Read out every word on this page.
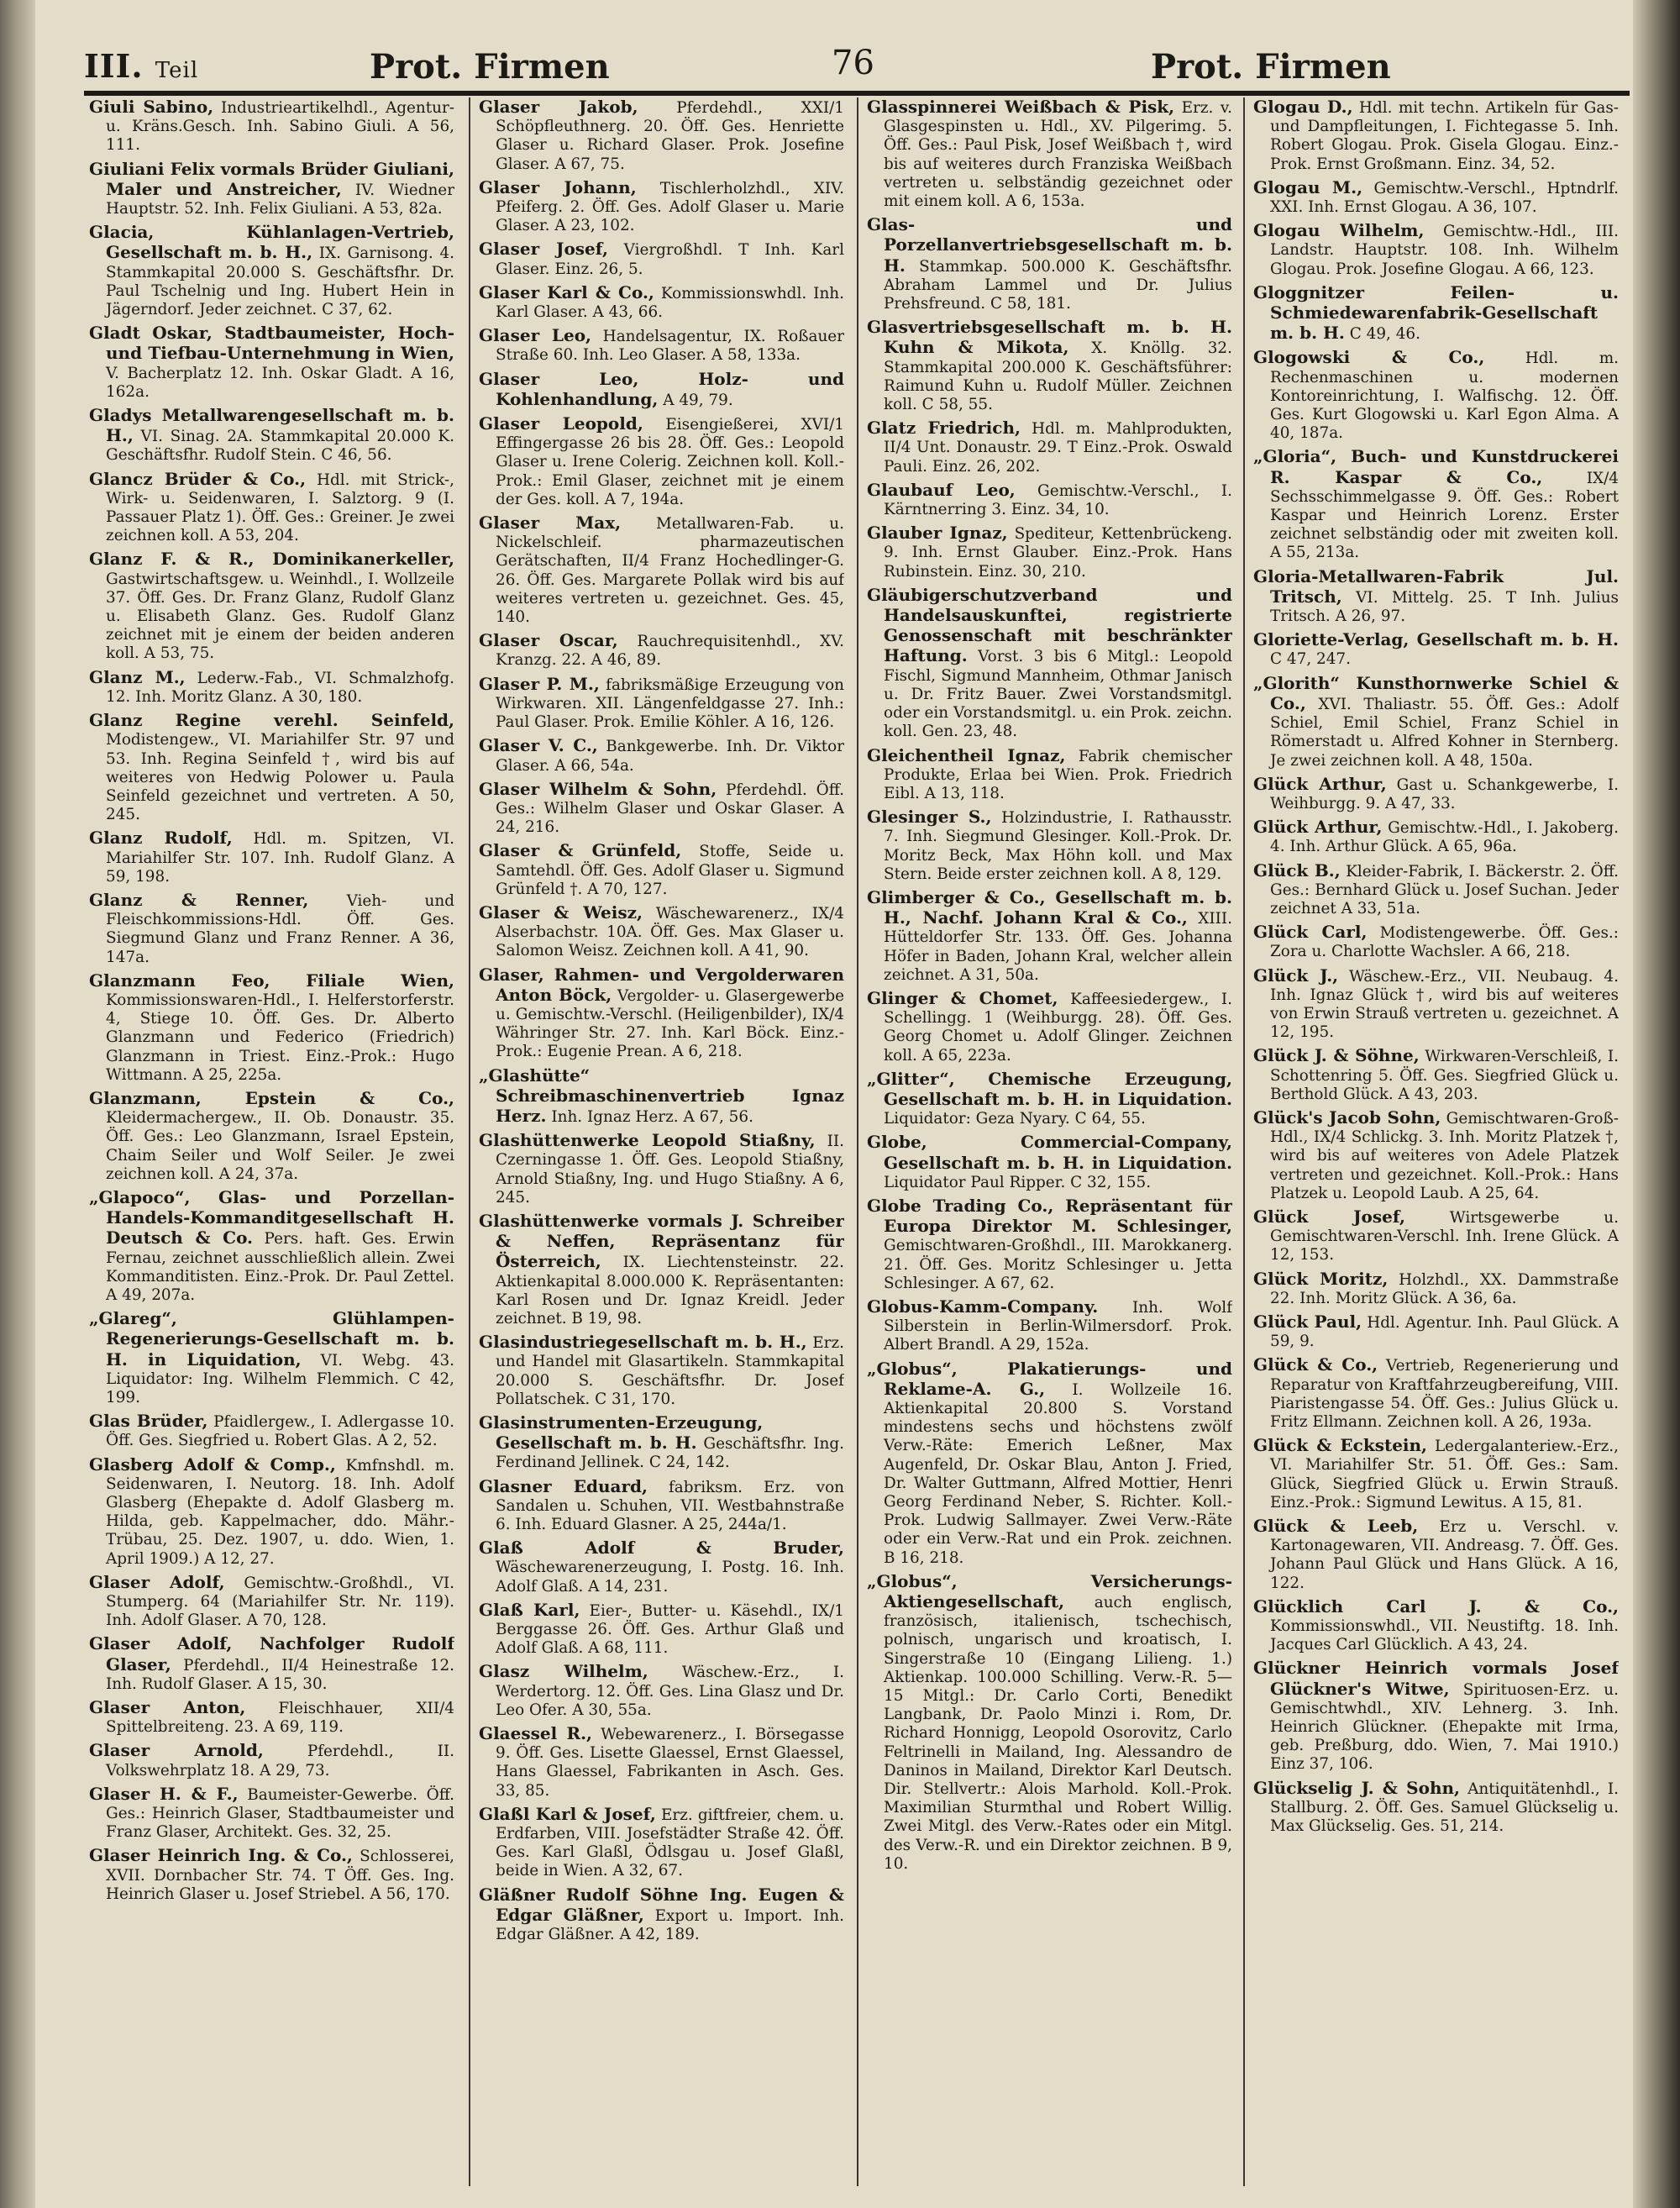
III. Teil	Prot. Firmen	76	Prot. Firmen

Giuli Sabino, Industrieartikelhdl., Agentur- u. Kräns.Gesch. Inh. Sabino Giuli. A 56, 111.

Giuliani Felix vormals Brüder Giuliani, Maler und Anstreicher, IV. Wiedner Hauptstr. 52. Inh. Felix Giuliani. A 53, 82a.

Glacia, Kühlanlagen-Vertrieb, Gesellschaft m. b. H., IX. Garnisong. 4. Stammkapital 20.000 S. Geschäftsfhr. Dr. Paul Tschelnig und Ing. Hubert Hein in Jägerndorf. Jeder zeichnet. C 37, 62.

Gladt Oskar, Stadtbaumeister, Hoch- und Tiefbau-Unternehmung in Wien, V. Bacherplatz 12. Inh. Oskar Gladt. A 16, 162a.

Gladys Metallwarengesellschaft m. b. H., VI. Sinag. 2A. Stammkapital 20.000 K. Geschäftsfhr. Rudolf Stein. C 46, 56.

Glancz Brüder & Co., Hdl. mit Strick-, Wirk- u. Seidenwaren, I. Salztorg. 9 (I. Passauer Platz 1). Öff. Ges.: Greiner. Je zwei zeichnen koll. A 53, 204.

Glanz F. & R., Dominikanerkeller, Gastwirtschaftsgew. u. Weinhdl., I. Wollzeile 37. Öff. Ges. Dr. Franz Glanz, Rudolf Glanz u. Elisabeth Glanz. Ges. Rudolf Glanz zeichnet mit je einem der beiden anderen koll. A 53, 75.

Glanz M., Lederw.-Fab., VI. Schmalzhofg. 12. Inh. Moritz Glanz. A 30, 180.

Glanz Regine verehl. Seinfeld, Modistengew., VI. Mariahilfer Str. 97 und 53. Inh. Regina Seinfeld †, wird bis auf weiteres von Hedwig Polower u. Paula Seinfeld gezeichnet und vertreten. A 50, 245.

Glanz Rudolf, Hdl. m. Spitzen, VI. Mariahilfer Str. 107. Inh. Rudolf Glanz. A 59, 198.

Glanz & Renner, Vieh- und Fleischkommissions-Hdl. Öff. Ges. Siegmund Glanz und Franz Renner. A 36, 147a.

Glanzmann Feo, Filiale Wien, Kommissionswaren-Hdl., I. Helferstorferstr. 4, Stiege 10. Öff. Ges. Dr. Alberto Glanzmann und Federico (Friedrich) Glanzmann in Triest. Einz.-Prok.: Hugo Wittmann. A 25, 225a.

Glanzmann, Epstein & Co., Kleidermachergew., II. Ob. Donaustr. 35. Öff. Ges.: Leo Glanzmann, Israel Epstein, Chaim Seiler und Wolf Seiler. Je zwei zeichnen koll. A 24, 37a.

„Glapoco“, Glas- und Porzellan-Handels-Kommanditgesellschaft H. Deutsch & Co. Pers. haft. Ges. Erwin Fernau, zeichnet ausschließlich allein. Zwei Kommanditisten. Einz.-Prok. Dr. Paul Zettel. A 49, 207a.

„Glareg“, Glühlampen-Regenerierungs-Gesellschaft m. b. H. in Liquidation, VI. Webg. 43. Liquidator: Ing. Wilhelm Flemmich. C 42, 199.

Glas Brüder, Pfaidlergew., I. Adlergasse 10. Öff. Ges. Siegfried u. Robert Glas. A 2, 52.

Glasberg Adolf & Comp., Kmfnshdl. m. Seidenwaren, I. Neutorg. 18. Inh. Adolf Glasberg (Ehepakte d. Adolf Glasberg m. Hilda, geb. Kappelmacher, ddo. Mähr.-Trübau, 25. Dez. 1907, u. ddo. Wien, 1. April 1909.) A 12, 27.

Glaser Adolf, Gemischtw.-Großhdl., VI. Stumperg. 64 (Mariahilfer Str. Nr. 119). Inh. Adolf Glaser. A 70, 128.

Glaser Adolf, Nachfolger Rudolf Glaser, Pferdehdl., II/4 Heinestraße 12. Inh. Rudolf Glaser. A 15, 30.

Glaser Anton, Fleischhauer, XII/4 Spittelbreiteng. 23. A 69, 119.

Glaser Arnold,	Pferdehdl., II. Volkswehrplatz 18. A 29, 73.

Glaser H. & F., Baumeister-Gewerbe. Öff. Ges.: Heinrich Glaser, Stadtbaumeister und Franz Glaser, Architekt. Ges. 32, 25.

Glaser Heinrich Ing. & Co., Schlosserei, XVII. Dornbacher Str. 74. T Öff. Ges. Ing. Heinrich Glaser u. Josef Striebel. A 56, 170.

Glaser Jakob, Pferdehdl., XXI/1 Schöpfleuthnerg. 20. Öff. Ges. Henriette Glaser u. Richard Glaser. Prok. Josefine Glaser. A 67, 75.

Glaser Johann, Tischlerholzhdl., XIV. Pfeiferg. 2. Öff. Ges. Adolf Glaser u. Marie Glaser. A 23, 102.

Glaser Josef, Viergroßhdl. T Inh. Karl Glaser. Einz. 26, 5.

Glaser Karl & Co., Kommissionswhdl. Inh. Karl Glaser. A 43, 66.

Glaser Leo, Handelsagentur, IX. Roßauer Straße 60. Inh. Leo Glaser. A 58, 133a.

Glaser Leo, Holz- und Kohlenhandlung, A 49, 79.

Glaser Leopold, Eisengießerei, XVI/1 Effingergasse 26 bis 28. Öff. Ges.: Leopold Glaser u. Irene Colerig. Zeichnen koll. Koll.-Prok.: Emil Glaser, zeichnet mit je einem der Ges. koll. A 7, 194a.

Glaser Max, Metallwaren-Fab. u. Nickelschleif. pharmazeutischen Gerätschaften, II/4 Franz Hochedlinger-G. 26. Öff. Ges. Margarete Pollak wird bis auf weiteres vertreten u. gezeichnet. Ges. 45, 140.

Glaser Oscar, Rauchrequisitenhdl., XV. Kranzg. 22. A 46, 89.

Glaser P. M., fabriksmäßige Erzeugung von Wirkwaren. XII. Längenfeldgasse 27. Inh.: Paul Glaser. Prok. Emilie Köhler. A 16, 126.

Glaser V. C., Bankgewerbe. Inh. Dr. Viktor Glaser. A 66, 54a.

Glaser Wilhelm & Sohn, Pferdehdl. Öff. Ges.: Wilhelm Glaser und Oskar Glaser. A 24, 216.

Glaser & Grünfeld, Stoffe, Seide u. Samtehdl. Öff. Ges. Adolf Glaser u. Sigmund Grünfeld †. A 70, 127.

Glaser & Weisz, Wäschewarenerz., IX/4 Alserbachstr. 10A. Öff. Ges. Max Glaser u. Salomon Weisz. Zeichnen koll. A 41, 90.

Glaser, Rahmen- und Vergolderwaren Anton Böck, Vergolder- u. Glasergewerbe u. Gemischtw.-Verschl. (Heiligenbilder), IX/4 Währinger Str. 27. Inh. Karl Böck. Einz.-Prok.: Eugenie Prean. A 6, 218.

„Glashütte“ Schreibmaschinenvertrieb Ignaz Herz. Inh. Ignaz Herz. A 67, 56.

Glashüttenwerke Leopold Stiaßny, II. Czerningasse 1. Öff. Ges. Leopold Stiaßny, Arnold Stiaßny, Ing. und Hugo Stiaßny. A 6, 245.

Glashüttenwerke vormals J. Schreiber & Neffen, Repräsentanz für Österreich, IX. Liechtensteinstr. 22. Aktienkapital 8.000.000 K. Repräsentanten: Karl Rosen und Dr. Ignaz Kreidl. Jeder zeichnet. B 19, 98.

Glasindustriegesellschaft m. b. H., Erz. und Handel mit Glasartikeln. Stammkapital 20.000 S. Geschäftsfhr. Dr. Josef Pollatschek. C 31, 170.

Glasinstrumenten-Erzeugung, Gesellschaft m. b. H. Geschäftsfhr. Ing. Ferdinand Jellinek. C 24, 142.

Glasner Eduard, fabriksm. Erz. von Sandalen u. Schuhen, VII. Westbahnstraße 6. Inh. Eduard Glasner. A 25, 244a/1.

Glaß Adolf & Bruder, Wäschewarenerzeugung, I. Postg. 16. Inh. Adolf Glaß. A 14, 231.

Glaß Karl, Eier-, Butter- u. Käsehdl., IX/1 Berggasse 26. Öff. Ges. Arthur Glaß und Adolf Glaß. A 68, 111.

Glasz Wilhelm, Wäschew.-Erz., I. Werdertorg. 12. Öff. Ges. Lina Glasz und Dr. Leo Ofer. A 30, 55a.

Glaessel R., Webewarenerz., I. Börsegasse 9. Öff. Ges. Lisette Glaessel, Ernst Glaessel, Hans Glaessel, Fabrikanten in Asch. Ges. 33, 85.

Glaßl Karl & Josef, Erz. giftfreier, chem. u. Erdfarben, VIII. Josefstädter Straße 42. Öff. Ges. Karl Glaßl, Ödlsgau u. Josef Glaßl, beide in Wien. A 32, 67.

Gläßner Rudolf Söhne Ing. Eugen & Edgar Gläßner, Export u. Import. Inh. Edgar Gläßner. A 42, 189.

Glasspinnerei Weißbach & Pisk, Erz. v. Glasgespinsten u. Hdl., XV. Pilgerimg. 5. Öff. Ges.: Paul Pisk, Josef Weißbach †, wird bis auf weiteres durch Franziska Weißbach vertreten u. selbständig gezeichnet oder mit einem koll. A 6, 153a.

Glas- und Porzellanvertriebsgesellschaft m. b. H. Stammkap. 500.000 K. Geschäftsfhr. Abraham Lammel und Dr. Julius Prehsfreund. C 58, 181.

Glasvertriebsgesellschaft m. b. H. Kuhn & Mikota, X. Knöllg. 32. Stammkapital 200.000 K. Geschäftsführer: Raimund Kuhn u. Rudolf Müller. Zeichnen koll. C 58, 55.

Glatz Friedrich, Hdl. m. Mahlprodukten, II/4 Unt. Donaustr. 29. T Einz.-Prok. Oswald Pauli. Einz. 26, 202.

Glaubauf Leo, Gemischtw.-Verschl., I. Kärntnerring 3. Einz. 34, 10.

Glauber Ignaz, Spediteur, Kettenbrückeng. 9. Inh. Ernst Glauber. Einz.-Prok. Hans Rubinstein. Einz. 30, 210.

Gläubigerschutzverband und Handelsauskunftei, registrierte Genossenschaft mit beschränkter Haftung. Vorst. 3 bis 6 Mitgl.: Leopold Fischl, Sigmund Mannheim, Othmar Janisch u. Dr. Fritz Bauer. Zwei Vorstandsmitgl. oder ein Vorstandsmitgl. u. ein Prok. zeichn. koll. Gen. 23, 48.

Gleichentheil Ignaz, Fabrik chemischer Produkte, Erlaa bei Wien. Prok. Friedrich Eibl. A 13, 118.

Glesinger S., Holzindustrie, I. Rathausstr. 7. Inh. Siegmund Glesinger. Koll.-Prok. Dr. Moritz Beck, Max Höhn koll. und Max Stern. Beide erster zeichnen koll. A 8, 129.

Glimberger & Co., Gesellschaft m. b. H., Nachf. Johann Kral & Co., XIII. Hütteldorfer Str. 133. Öff. Ges. Johanna Höfer in Baden, Johann Kral, welcher allein zeichnet. A 31, 50a.

Glinger & Chomet, Kaffeesiedergew., I. Schellingg. 1 (Weihburgg. 28). Öff. Ges. Georg Chomet u. Adolf Glinger. Zeichnen koll. A 65, 223a.

„Glitter“, Chemische Erzeugung, Gesellschaft m. b. H. in Liquidation. Liquidator: Geza Nyary. C 64, 55.

Globe, Commercial-Company, Gesellschaft m. b. H. in Liquidation. Liquidator Paul Ripper. C 32, 155.

Globe Trading Co., Repräsentant für Europa Direktor M. Schlesinger, Gemischtwaren-Großhdl., III. Marokkanerg. 21. Öff. Ges. Moritz Schlesinger u. Jetta Schlesinger. A 67, 62.

Globus-Kamm-Company. Inh. Wolf Silberstein in Berlin-Wilmersdorf. Prok. Albert Brandl. A 29, 152a.

„Globus“, Plakatierungs- und Reklame-A. G., I. Wollzeile 16. Aktienkapital 20.800 S. Vorstand mindestens sechs und höchstens zwölf Verw.-Räte: Emerich Leßner, Max Augenfeld, Dr. Oskar Blau, Anton J. Fried, Dr. Walter Guttmann, Alfred Mottier, Henri Georg Ferdinand Neber, S. Richter. Koll.-Prok. Ludwig Sallmayer. Zwei Verw.-Räte oder ein Verw.-Rat und ein Prok. zeichnen. B 16, 218.

„Globus“, Versicherungs-Aktiengesellschaft, auch englisch, französisch, italienisch, tschechisch, polnisch, ungarisch und kroatisch, I. Singerstraße 10 (Eingang Lilieng. 1.) Aktienkap. 100.000 Schilling. Verw.-R. 5—15 Mitgl.: Dr. Carlo Corti, Benedikt Langbank, Dr. Paolo Minzi i. Rom, Dr. Richard Honnigg, Leopold Osorovitz, Carlo Feltrinelli in Mailand, Ing. Alessandro de Daninos in Mailand, Direktor Karl Deutsch. Dir. Stellvertr.: Alois Marhold. Koll.-Prok. Maximilian Sturmthal und Robert Willig. Zwei Mitgl. des Verw.-Rates oder ein Mitgl. des Verw.-R. und ein Direktor zeichnen. B 9, 10.

Glogau D., Hdl. mit techn. Artikeln für Gas- und Dampfleitungen, I. Fichtegasse 5. Inh. Robert Glogau. Prok. Gisela Glogau. Einz.-Prok. Ernst Großmann. Einz. 34, 52.

Glogau M., Gemischtw.-Verschl., Hptndrlf. XXI. Inh. Ernst Glogau. A 36, 107.

Glogau Wilhelm, Gemischtw.-Hdl., III. Landstr. Hauptstr. 108. Inh. Wilhelm Glogau. Prok. Josefine Glogau. A 66, 123.

Gloggnitzer Feilen- u. Schmiedewarenfabrik-Gesellschaft m. b. H. C 49, 46.

Glogowski & Co.,	Hdl. m. Rechenmaschinen u. modernen Kontoreinrichtung, I. Walfischg. 12. Öff. Ges. Kurt Glogowski u. Karl Egon Alma. A 40, 187a.

„Gloria“, Buch- und Kunstdruckerei R. Kaspar & Co.,	IX/4 Sechsschimmelgasse 9. Öff. Ges.: Robert Kaspar und Heinrich Lorenz. Erster zeichnet selbständig oder mit zweiten koll. A 55, 213a.

Gloria-Metallwaren-Fabrik Jul. Tritsch, VI. Mittelg. 25. T Inh. Julius Tritsch. A 26, 97.

Gloriette-Verlag, Gesellschaft m. b. H. C 47, 247.

„Glorith“ Kunsthornwerke Schiel & Co., XVI. Thaliastr. 55. Öff. Ges.: Adolf Schiel, Emil Schiel, Franz Schiel in Römerstadt u. Alfred Kohner in Sternberg. Je zwei zeichnen koll. A 48, 150a.

Glück Arthur, Gast u. Schankgewerbe, I. Weihburgg. 9. A 47, 33.

Glück Arthur, Gemischtw.-Hdl., I. Jakoberg. 4. Inh. Arthur Glück. A 65, 96a.

Glück B., Kleider-Fabrik, I. Bäckerstr. 2. Öff. Ges.: Bernhard Glück u. Josef Suchan. Jeder zeichnet A 33, 51a.

Glück Carl, Modistengewerbe. Öff. Ges.: Zora u. Charlotte Wachsler. A 66, 218.

Glück J., Wäschew.-Erz., VII. Neubaug. 4. Inh. Ignaz Glück †, wird bis auf weiteres von Erwin Strauß vertreten u. gezeichnet. A 12, 195.

Glück J. & Söhne, Wirkwaren-Verschleiß, I. Schottenring 5. Öff. Ges. Siegfried Glück u. Berthold Glück. A 43, 203.

Glück's Jacob Sohn, Gemischtwaren-Groß-Hdl., IX/4 Schlickg. 3. Inh. Moritz Platzek †, wird bis auf weiteres von Adele Platzek vertreten und gezeichnet. Koll.-Prok.: Hans Platzek u. Leopold Laub. A 25, 64.

Glück Josef,	Wirtsgewerbe u. Gemischtwaren-Verschl. Inh. Irene Glück. A 12, 153.

Glück Moritz, Holzhdl., XX. Dammstraße 22. Inh. Moritz Glück. A 36, 6a.

Glück Paul, Hdl. Agentur. Inh. Paul Glück. A 59, 9.

Glück & Co., Vertrieb, Regenerierung und Reparatur von Kraftfahrzeugbereifung, VIII. Piaristengasse 54. Öff. Ges.: Julius Glück u. Fritz Ellmann. Zeichnen koll. A 26, 193a.

Glück & Eckstein, Ledergalanteriew.-Erz., VI. Mariahilfer Str. 51. Öff. Ges.: Sam. Glück, Siegfried Glück u. Erwin Strauß. Einz.-Prok.: Sigmund Lewitus. A 15, 81.

Glück & Leeb, Erz u. Verschl. v. Kartonagewaren, VII. Andreasg. 7. Öff. Ges. Johann Paul Glück und Hans Glück. A 16, 122.

Glücklich Carl J. & Co., Kommissionswhdl., VII. Neustiftg. 18. Inh. Jacques Carl Glücklich. A 43, 24.

Glückner Heinrich vormals Josef Glückner's Witwe, Spirituosen-Erz. u. Gemischtwhdl., XIV. Lehnerg. 3. Inh. Heinrich Glückner. (Ehepakte mit Irma, geb. Preßburg, ddo. Wien, 7. Mai 1910.) Einz 37, 106.

Glückselig J. & Sohn, Antiquitätenhdl., I. Stallburg. 2. Öff. Ges. Samuel Glückselig u. Max Glückselig. Ges. 51, 214.
